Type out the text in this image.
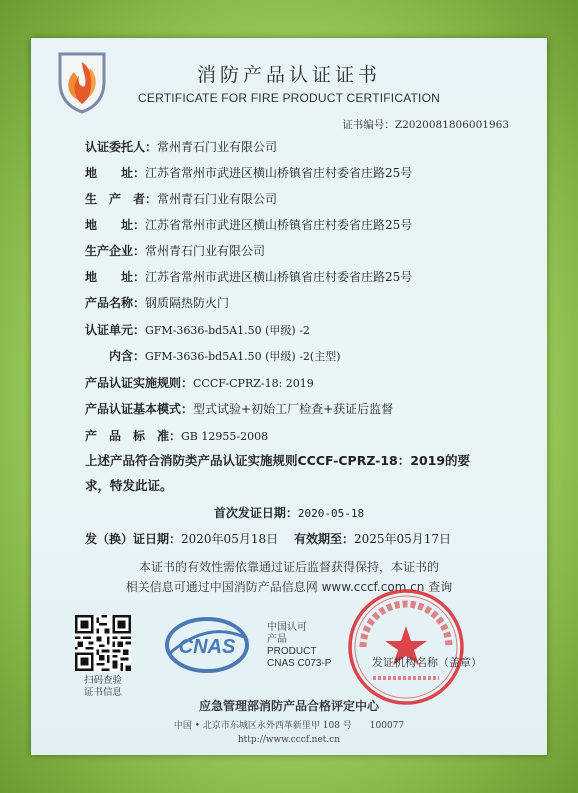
消防产品认证证书
CERTIFICATE FOR FIRE PRODUCT CERTIFICATION
证书编号：Z2020081806001963
认证委托人：常州青石门业有限公司
地　　址：江苏省常州市武进区横山桥镇省庄村委省庄路25号
生　产　者：常州青石门业有限公司
地　　址：江苏省常州市武进区横山桥镇省庄村委省庄路25号
生产企业：常州青石门业有限公司
地　　址：江苏省常州市武进区横山桥镇省庄村委省庄路25号
产品名称：钢质隔热防火门
认证单元：GFM-3636-bd5A1.50 (甲级) -2
　　内含：GFM-3636-bd5A1.50 (甲级) -2(主型)
产品认证实施规则：CCCF-CPRZ-18: 2019
产品认证基本模式：型式试验+初始工厂检查+获证后监督
产　品　标　准：GB 12955-2008
上述产品符合消防类产品认证实施规则CCCF-CPRZ-18：2019的要求，特发此证。
首次发证日期：2020-05-18
发（换）证日期：2020年05月18日 有效期至：2025年05月17日
本证书的有效性需依靠通过证后监督获得保持，本证书的
相关信息可通过中国消防产品信息网 www.cccf.com.cn 查询
扫码查验
证书信息
CNAS
中国认可
产品
PRODUCT
CNAS C073-P	发证机构名称（盖章）
应急管理部消防产品合格评定中心
中国 • 北京市东城区永外西革新里甲 108 号　　100077
http://www.cccf.net.cn
